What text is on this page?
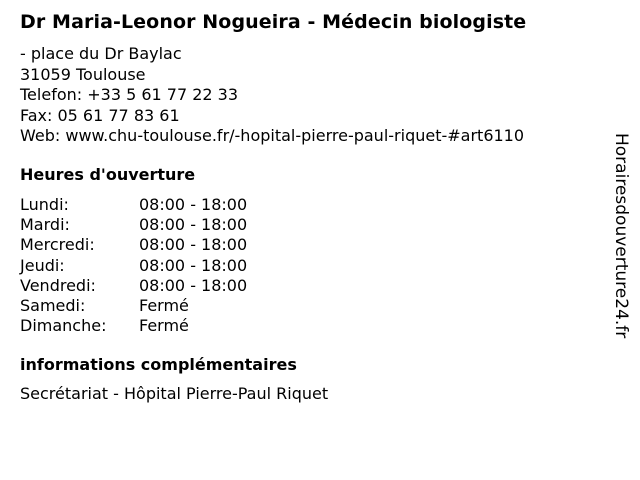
Dr Maria-Leonor Nogueira - Médecin biologiste
- place du Dr Baylac
31059 Toulouse
Telefon: +33 5 61 77 22 33
Fax: 05 61 77 83 61
Web: www.chu-toulouse.fr/-hopital-pierre-paul-riquet-#art6110
Heures d'ouverture
Lundi:	08:00 - 18:00
Mardi:	08:00 - 18:00
Mercredi:	08:00 - 18:00
Jeudi:	08:00 - 18:00
Vendredi:	08:00 - 18:00
Samedi:	Fermé
Dimanche: Fermé
informations complémentaires
Secrétariat - Hôpital Pierre-Paul Riquet
Horairesdouverture24.fr
